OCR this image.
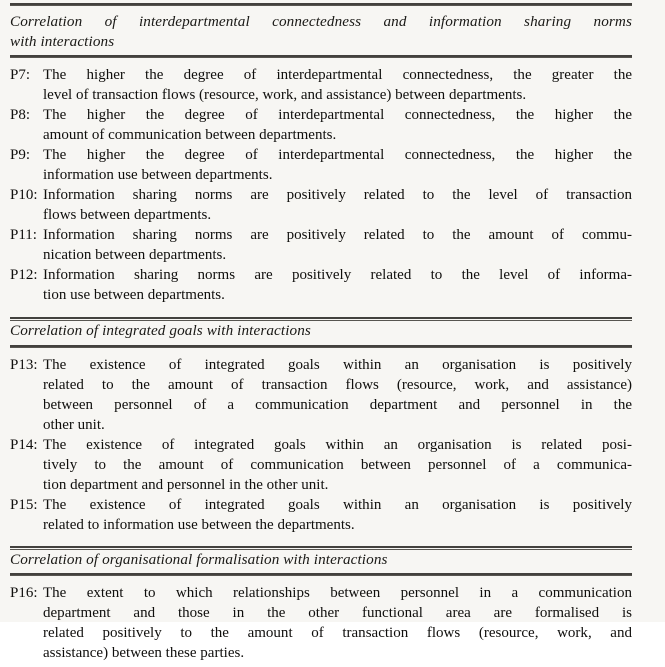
Correlation of interdepartmental connectedness and information sharing norms
with interactions
P7: The higher the degree of interdepartmental connectedness, the greater the
level of transaction flows (resource, work, and assistance) between departments.
P8: The higher the degree of interdepartmental connectedness, the higher the
amount of communication between departments.
P9: The higher the degree of interdepartmental connectedness, the higher the
information use between departments.
P10: Information sharing norms are positively related to the level of transaction
flows between departments.
P11: Information sharing norms are positively related to the amount of commu-
nication between departments.
P12: Information sharing norms are positively related to the level of informa-
tion use between departments.
Correlation of integrated goals with interactions
P13: The existence of integrated goals within an organisation is positively
related to the amount of transaction flows (resource, work, and assistance)
between personnel of a communication department and personnel in the
other unit.
P14: The existence of integrated goals within an organisation is related posi-
tively to the amount of communication between personnel of a communica-
tion department and personnel in the other unit.
P15: The existence of integrated goals within an organisation is positively
related to information use between the departments.
Correlation of organisational formalisation with interactions
P16: The extent to which relationships between personnel in a communication
department and those in the other functional area are formalised is
related positively to the amount of transaction flows (resource, work, and
assistance) between these parties.
